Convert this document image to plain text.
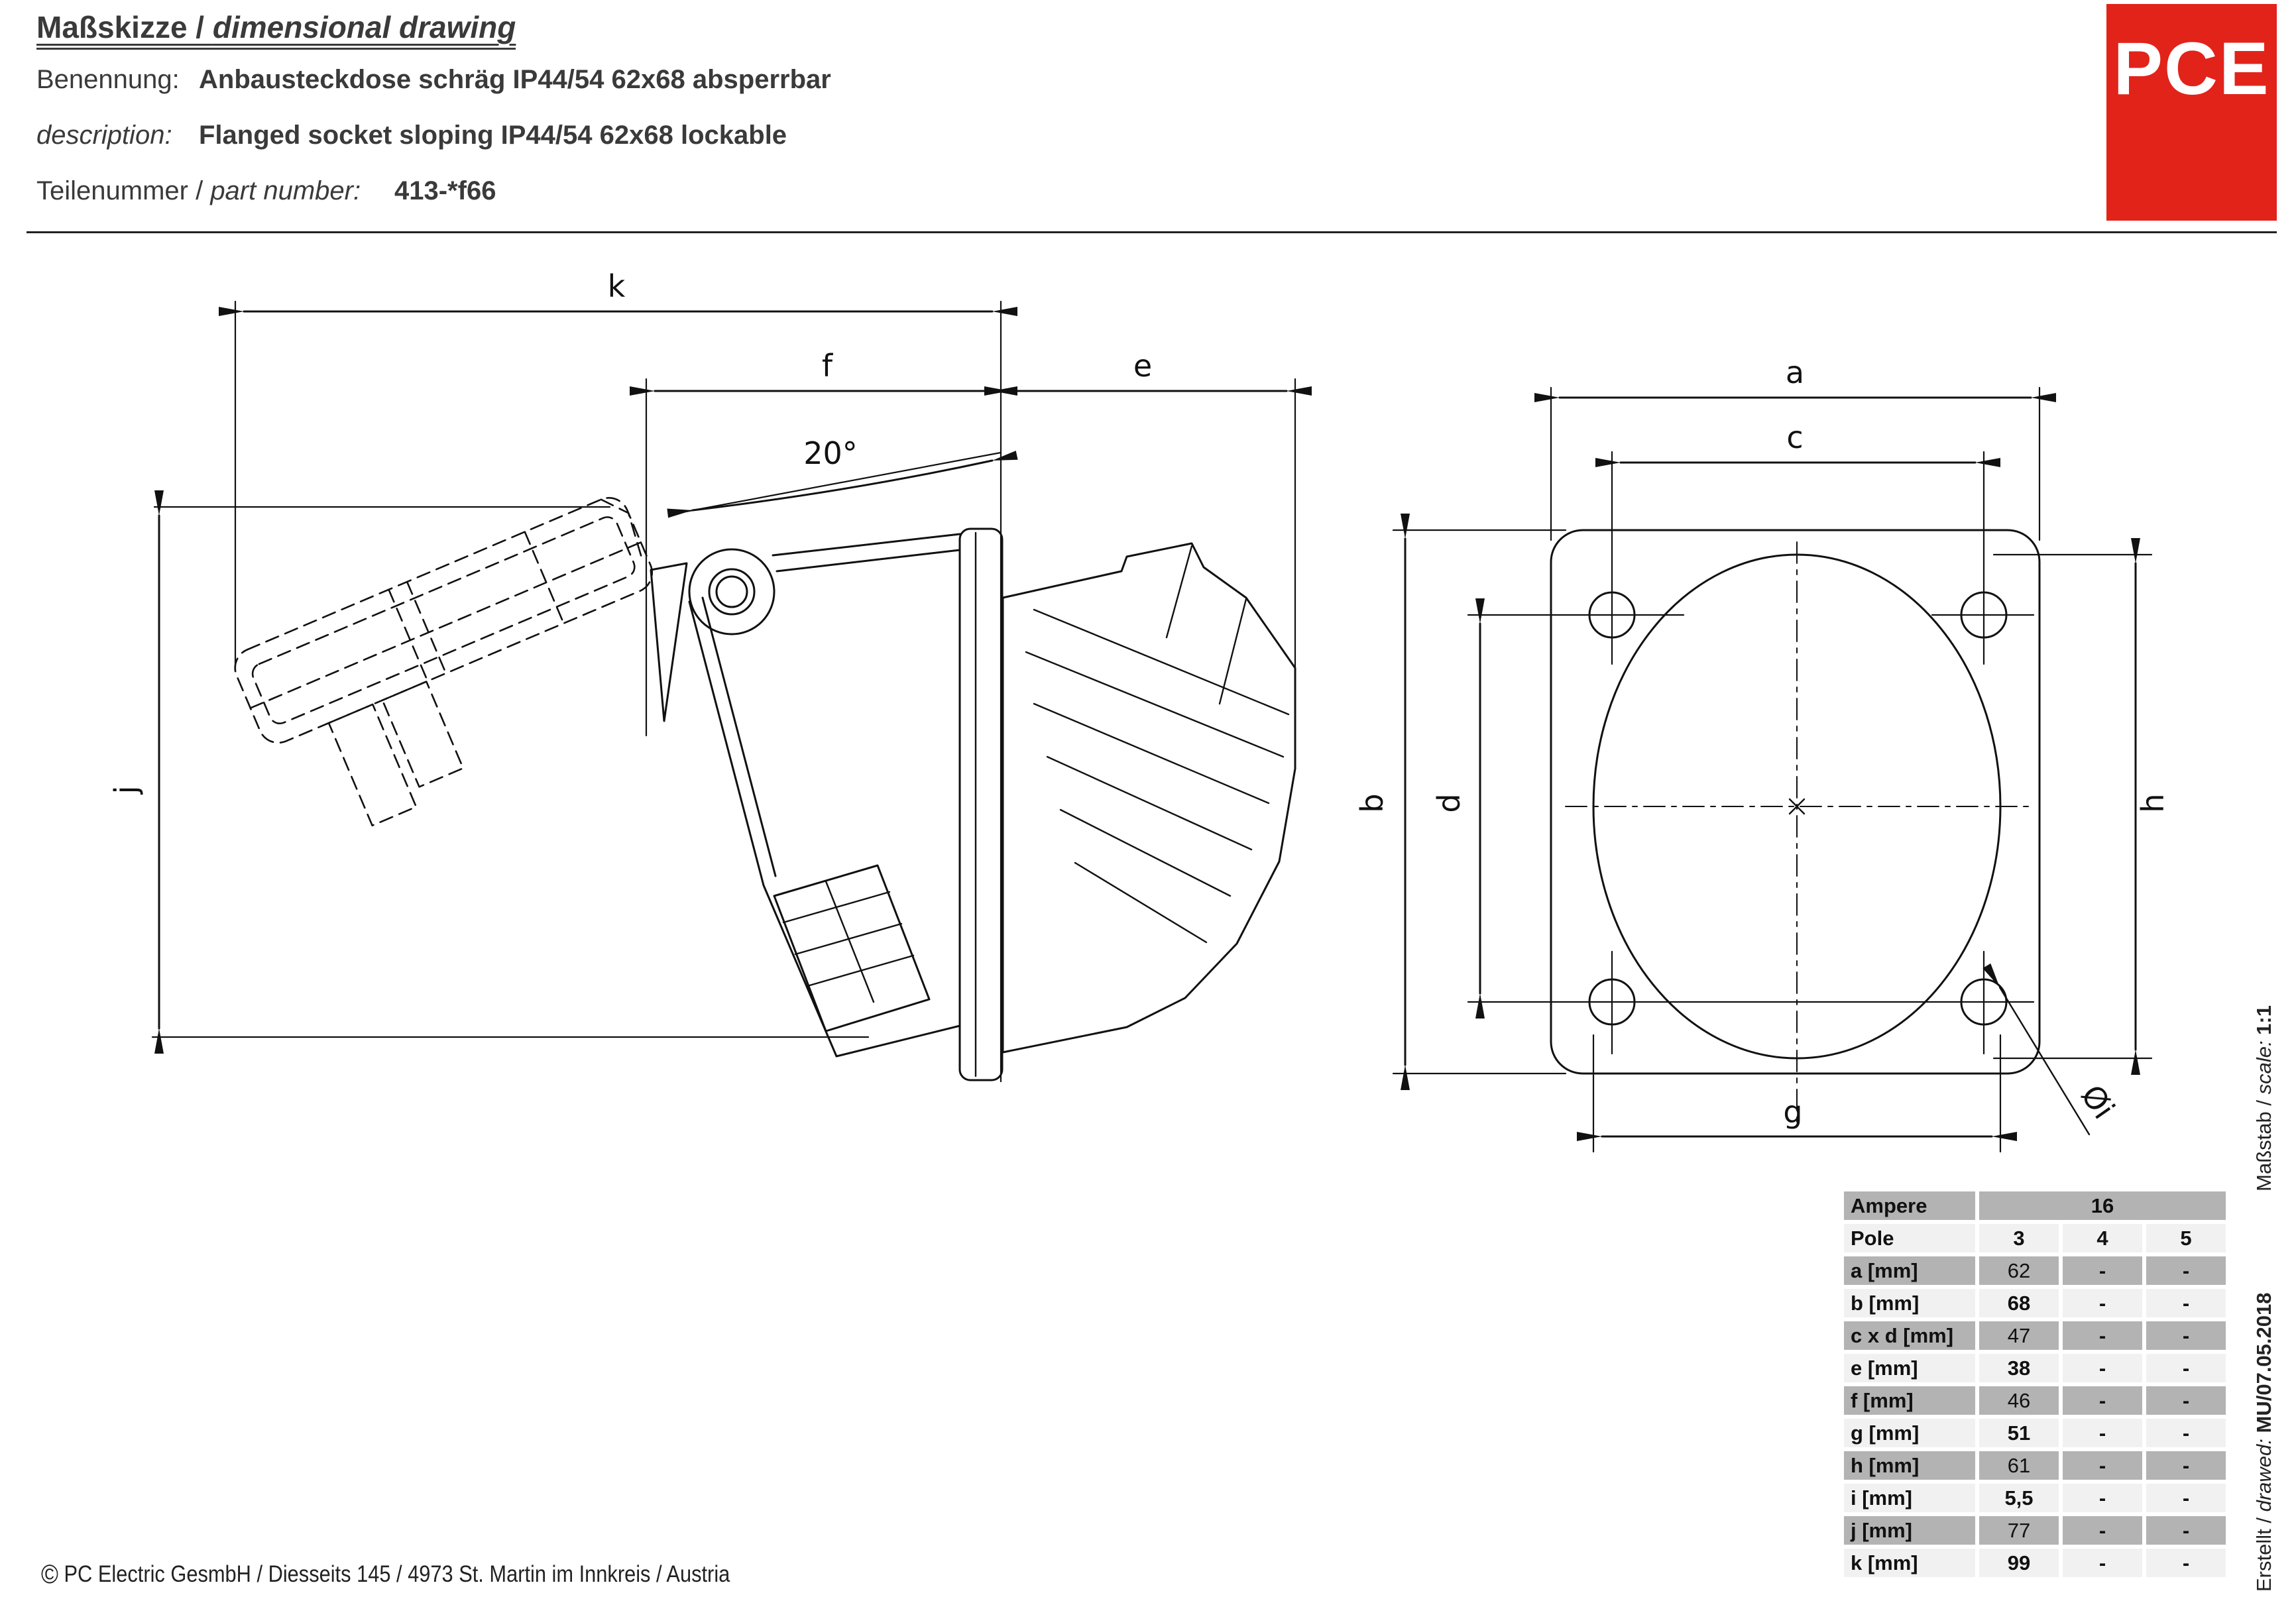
Maßskizze / dimensional drawing
Benennung: Anbausteckdose schräg IP44/54 62x68 absperrbar
description: Flanged socket sloping IP44/54 62x68 lockable
Teilenummer / part number: 413-*f66
PCE
k
f	e
20°
j
a
c
b d	h
g	Øi
Ampere	16		
Pole	3	4	5
a [mm]	62	-	-
b [mm]	68	-	-
c x d [mm]	47	-	-
e [mm]	38	-	-
f [mm]	46	-	-
g [mm]	51	-	-
h [mm]	61	-	-
i [mm]	5,5	-	-
j [mm]	77	-	-
k [mm]	99	-	-	Erstellt / drawed: MU/07.05.2018
Maßstab / scale: 1:1
© PC Electric GesmbH / Diesseits 145 / 4973 St. Martin im Innkreis / Austria
